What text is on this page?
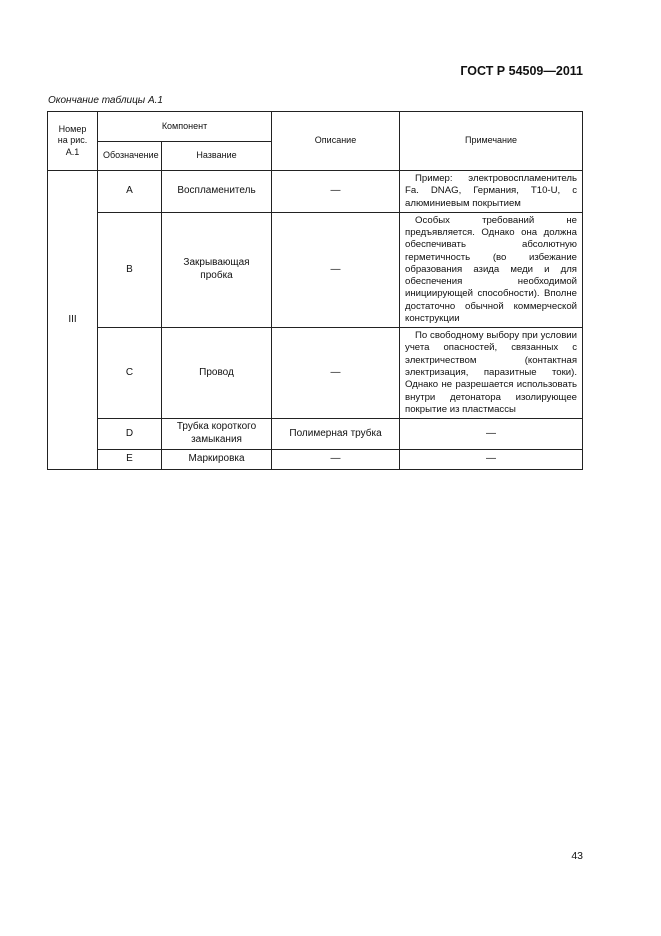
ГОСТ Р 54509—2011
Окончание таблицы А.1
Номер на рис. А.1	Компонент		Описание	Примечание
	Обозначение	Название		
III	A	Воспламенитель	—	Пример: электровоспламенитель Fa. DNAG, Германия, T10-U, с алюминиевым покрытием

	B	Закрывающая пробка	—	Особых требований не предъявляется. Однако она должна обеспечивать абсолютную герметичность (во избежание образования азида меди и для обеспечения необходимой инициирующей способности). Вполне достаточно обычной коммерческой конструкции

	C	Провод	—	По свободному выбору при условии учета опасностей, связанных с электричеством (контактная электризация, паразитные токи). Однако не разрешается использовать внутри детонатора изолирующее покрытие из пластмассы

	D	Трубка короткого замыкания	Полимерная трубка	—
	E	Маркировка	—	—
43
